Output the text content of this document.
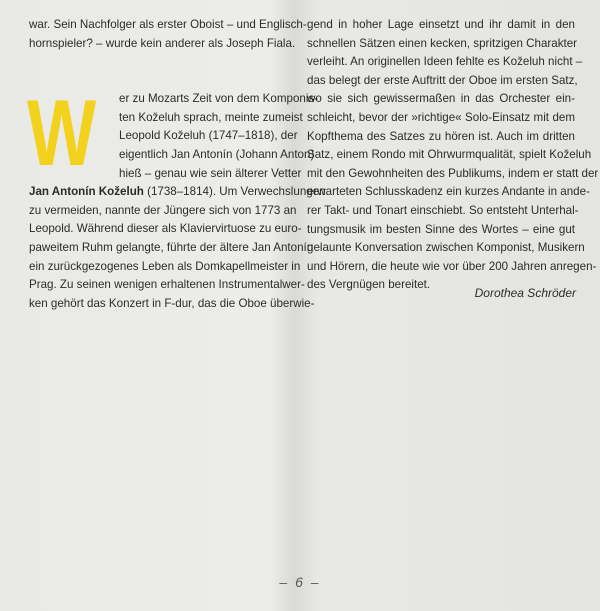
war. Sein Nachfolger als erster Oboist – und Englisch-
hornspieler? – wurde kein anderer als Joseph Fiala.
W	er zu Mozarts Zeit von dem Komponis-
ten Koželuh sprach, meinte zumeist
Leopold Koželuh (1747–1818), der
eigentlich Jan Antonín (Johann Anton)
hieß – genau wie sein älterer Vetter
Jan Antonín Koželuh (1738–1814). Um Verwechslungen
zu vermeiden, nannte der Jüngere sich von 1773 an
Leopold. Während dieser als Klaviervirtuose zu euro-
paweitem Ruhm gelangte, führte der ältere Jan Antonín
ein zurückgezogenes Leben als Domkapellmeister in
Prag. Zu seinen wenigen erhaltenen Instrumentalwer-
ken gehört das Konzert in F-dur, das die Oboe überwie-
gend in hoher Lage einsetzt und ihr damit in den
schnellen Sätzen einen kecken, spritzigen Charakter
verleiht. An originellen Ideen fehlte es Koželuh nicht –
das belegt der erste Auftritt der Oboe im ersten Satz,
wo sie sich gewissermaßen in das Orchester ein-
schleicht, bevor der »richtige« Solo-Einsatz mit dem
Kopfthema des Satzes zu hören ist. Auch im dritten
Satz, einem Rondo mit Ohrwurmqualität, spielt Koželuh
mit den Gewohnheiten des Publikums, indem er statt der
erwarteten Schlusskadenz ein kurzes Andante in ande-
rer Takt- und Tonart einschiebt. So entsteht Unterhal-
tungsmusik im besten Sinne des Wortes – eine gut
gelaunte Konversation zwischen Komponist, Musikern
und Hörern, die heute wie vor über 200 Jahren anregen-
des Vergnügen bereitet.
Dorothea Schröder
– 6 –
